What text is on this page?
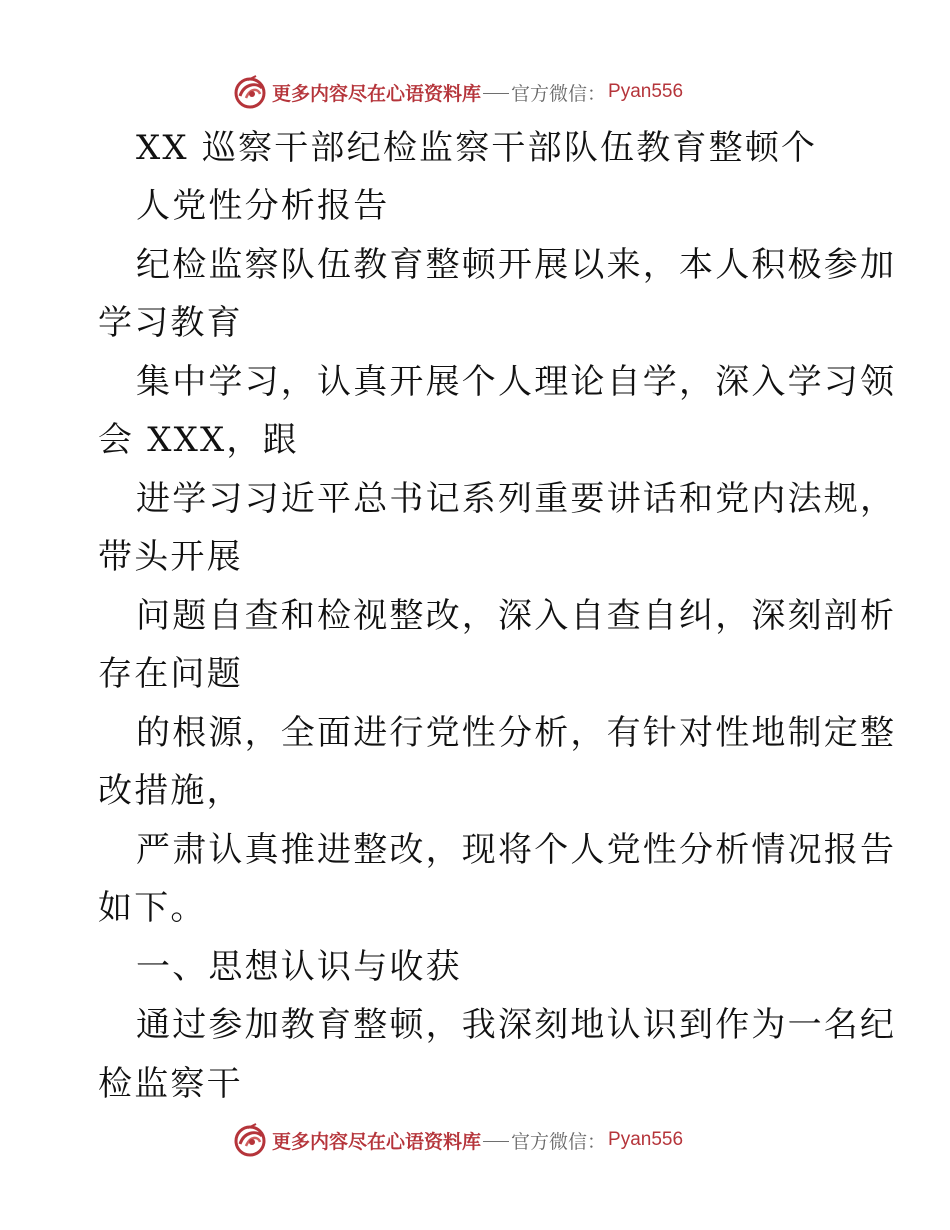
更多内容尽在心语资料库 官方微信： Pyan556
XX 巡察干部纪检监察干部队伍教育整顿个
人党性分析报告
纪检监察队伍教育整顿开展以来，本人积极参加
学习教育
集中学习，认真开展个人理论自学，深入学习领
会 XXX，跟
进学习习近平总书记系列重要讲话和党内法规，
带头开展
问题自查和检视整改，深入自查自纠，深刻剖析
存在问题
的根源，全面进行党性分析，有针对性地制定整
改措施，
严肃认真推进整改，现将个人党性分析情况报告
如下。
一、思想认识与收获
通过参加教育整顿，我深刻地认识到作为一名纪
检监察干
更多内容尽在心语资料库 官方微信： Pyan556
